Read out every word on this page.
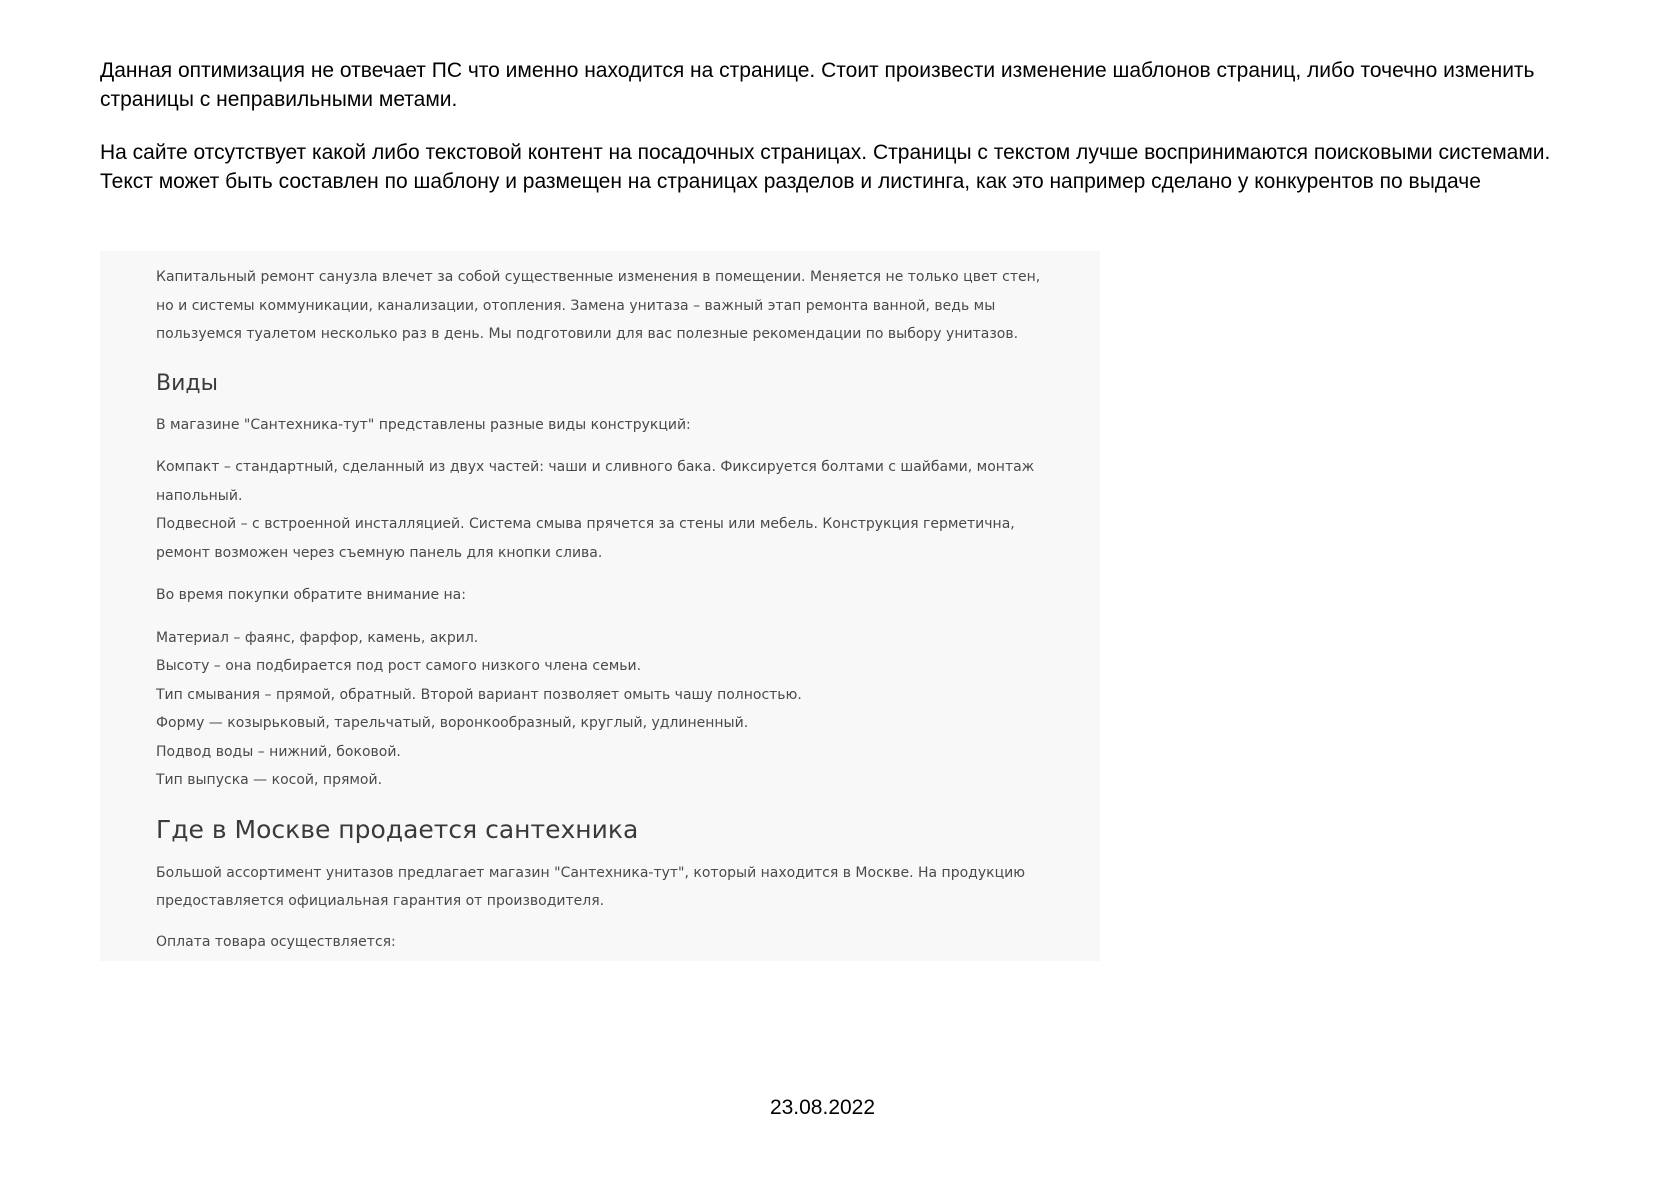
Данная оптимизация не отвечает ПС что именно находится на странице. Стоит произвести изменение шаблонов страниц, либо точечно изменить страницы с неправильными метами.

На сайте отсутствует какой либо текстовой контент на посадочных страницах. Страницы с текстом лучше воспринимаются поисковыми системами. Текст может быть составлен по шаблону и размещен на страницах разделов и листинга, как это например сделано у конкурентов по выдаче

Капитальный ремонт санузла влечет за собой существенные изменения в помещении. Меняется не только цвет стен, но и системы коммуникации, канализации, отопления. Замена унитаза – важный этап ремонта ванной, ведь мы пользуемся туалетом несколько раз в день. Мы подготовили для вас полезные рекомендации по выбору унитазов.

Виды

В магазине "Сантехника-тут" представлены разные виды конструкций:

Компакт – стандартный, сделанный из двух частей: чаши и сливного бака. Фиксируется болтами с шайбами, монтаж напольный.

Подвесной – с встроенной инсталляцией. Система смыва прячется за стены или мебель. Конструкция герметична, ремонт возможен через съемную панель для кнопки слива.

Во время покупки обратите внимание на:

Материал – фаянс, фарфор, камень, акрил.

Высоту – она подбирается под рост самого низкого члена семьи.

Тип смывания – прямой, обратный. Второй вариант позволяет омыть чашу полностью.

Форму — козырьковый, тарельчатый, воронкообразный, круглый, удлиненный.

Подвод воды – нижний, боковой.

Тип выпуска — косой, прямой.

Где в Москве продается сантехника

Большой ассортимент унитазов предлагает магазин "Сантехника-тут", который находится в Москве. На продукцию предоставляется официальная гарантия от производителя.

Оплата товара осуществляется:

23.08.2022
